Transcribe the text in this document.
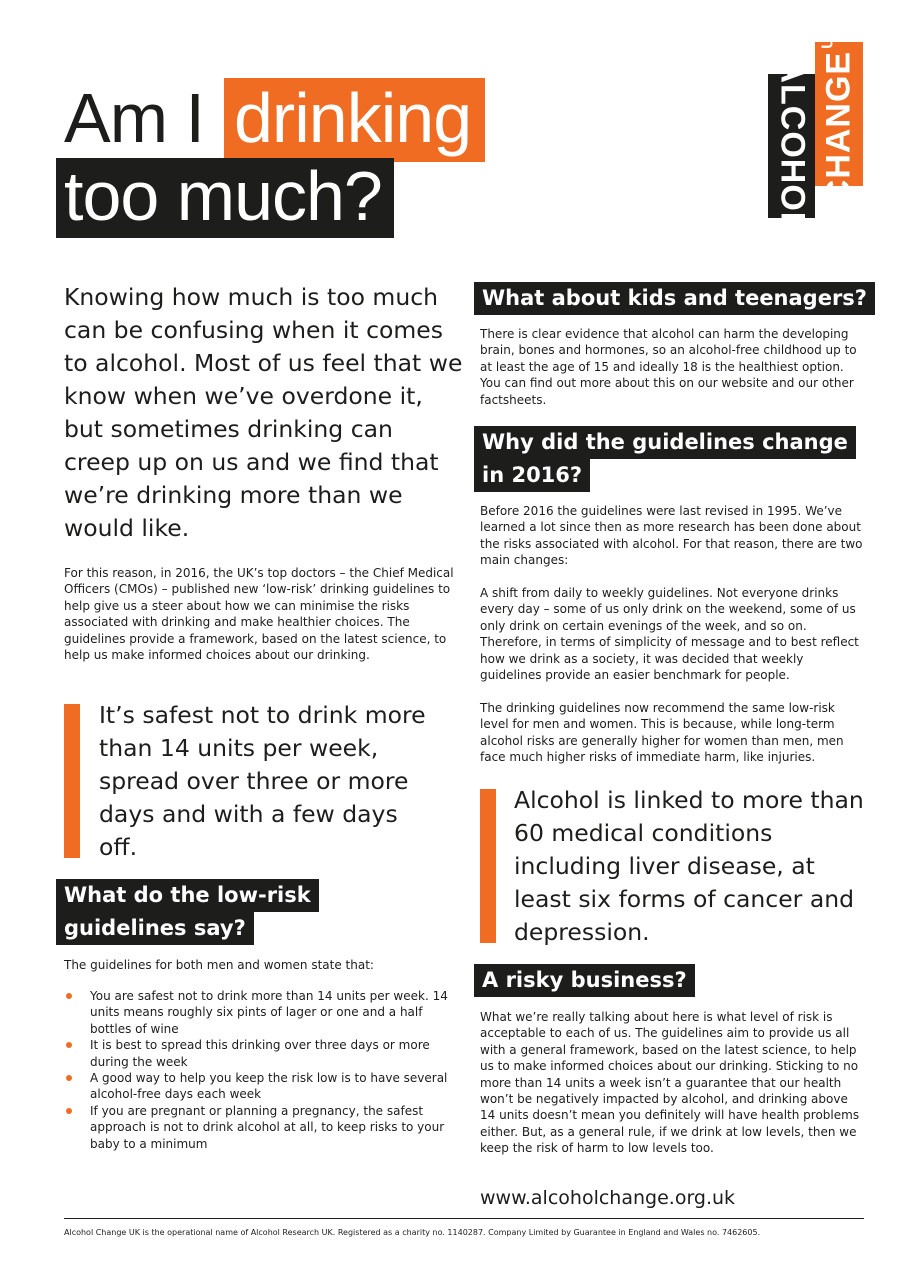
Am I drinking
too much?	ALCOHOL $CHANGE^{UK}$
Knowing how much is too much can be confusing when it comes to alcohol. Most of us feel that we know when we’ve overdone it, but sometimes drinking can creep up on us and we find that we’re drinking more than we would like.
For this reason, in 2016, the UK’s top doctors – the Chief Medical Officers (CMOs) – published new ‘low-risk’ drinking guidelines to help give us a steer about how we can minimise the risks associated with drinking and make healthier choices. The guidelines provide a framework, based on the latest science, to help us make informed choices about our drinking.
It’s safest not to drink more than 14 units per week, spread over three or more days and with a few days off.
What do the low-risk
guidelines say?
The guidelines for both men and women state that:
You are safest not to drink more than 14 units per week. 14 units means roughly six pints of lager or one and a half bottles of wine
It is best to spread this drinking over three days or more during the week
A good way to help you keep the risk low is to have several alcohol-free days each week
If you are pregnant or planning a pregnancy, the safest approach is not to drink alcohol at all, to keep risks to your baby to a minimum
What about kids and teenagers?
There is clear evidence that alcohol can harm the developing brain, bones and hormones, so an alcohol-free childhood up to at least the age of 15 and ideally 18 is the healthiest option. You can find out more about this on our website and our other factsheets.
Why did the guidelines change
in 2016?
Before 2016 the guidelines were last revised in 1995. We’ve learned a lot since then as more research has been done about the risks associated with alcohol. For that reason, there are two main changes:
A shift from daily to weekly guidelines. Not everyone drinks every day – some of us only drink on the weekend, some of us only drink on certain evenings of the week, and so on. Therefore, in terms of simplicity of message and to best reflect how we drink as a society, it was decided that weekly guidelines provide an easier benchmark for people.
The drinking guidelines now recommend the same low-risk level for men and women. This is because, while long-term alcohol risks are generally higher for women than men, men face much higher risks of immediate harm, like injuries.
Alcohol is linked to more than 60 medical conditions including liver disease, at least six forms of cancer and depression.
A risky business?
What we’re really talking about here is what level of risk is acceptable to each of us. The guidelines aim to provide us all with a general framework, based on the latest science, to help us to make informed choices about our drinking. Sticking to no more than 14 units a week isn’t a guarantee that our health won’t be negatively impacted by alcohol, and drinking above 14 units doesn’t mean you definitely will have health problems either. But, as a general rule, if we drink at low levels, then we keep the risk of harm to low levels too.
www.alcoholchange.org.uk
Alcohol Change UK is the operational name of Alcohol Research UK. Registered as a charity no. 1140287. Company Limited by Guarantee in England and Wales no. 7462605.
